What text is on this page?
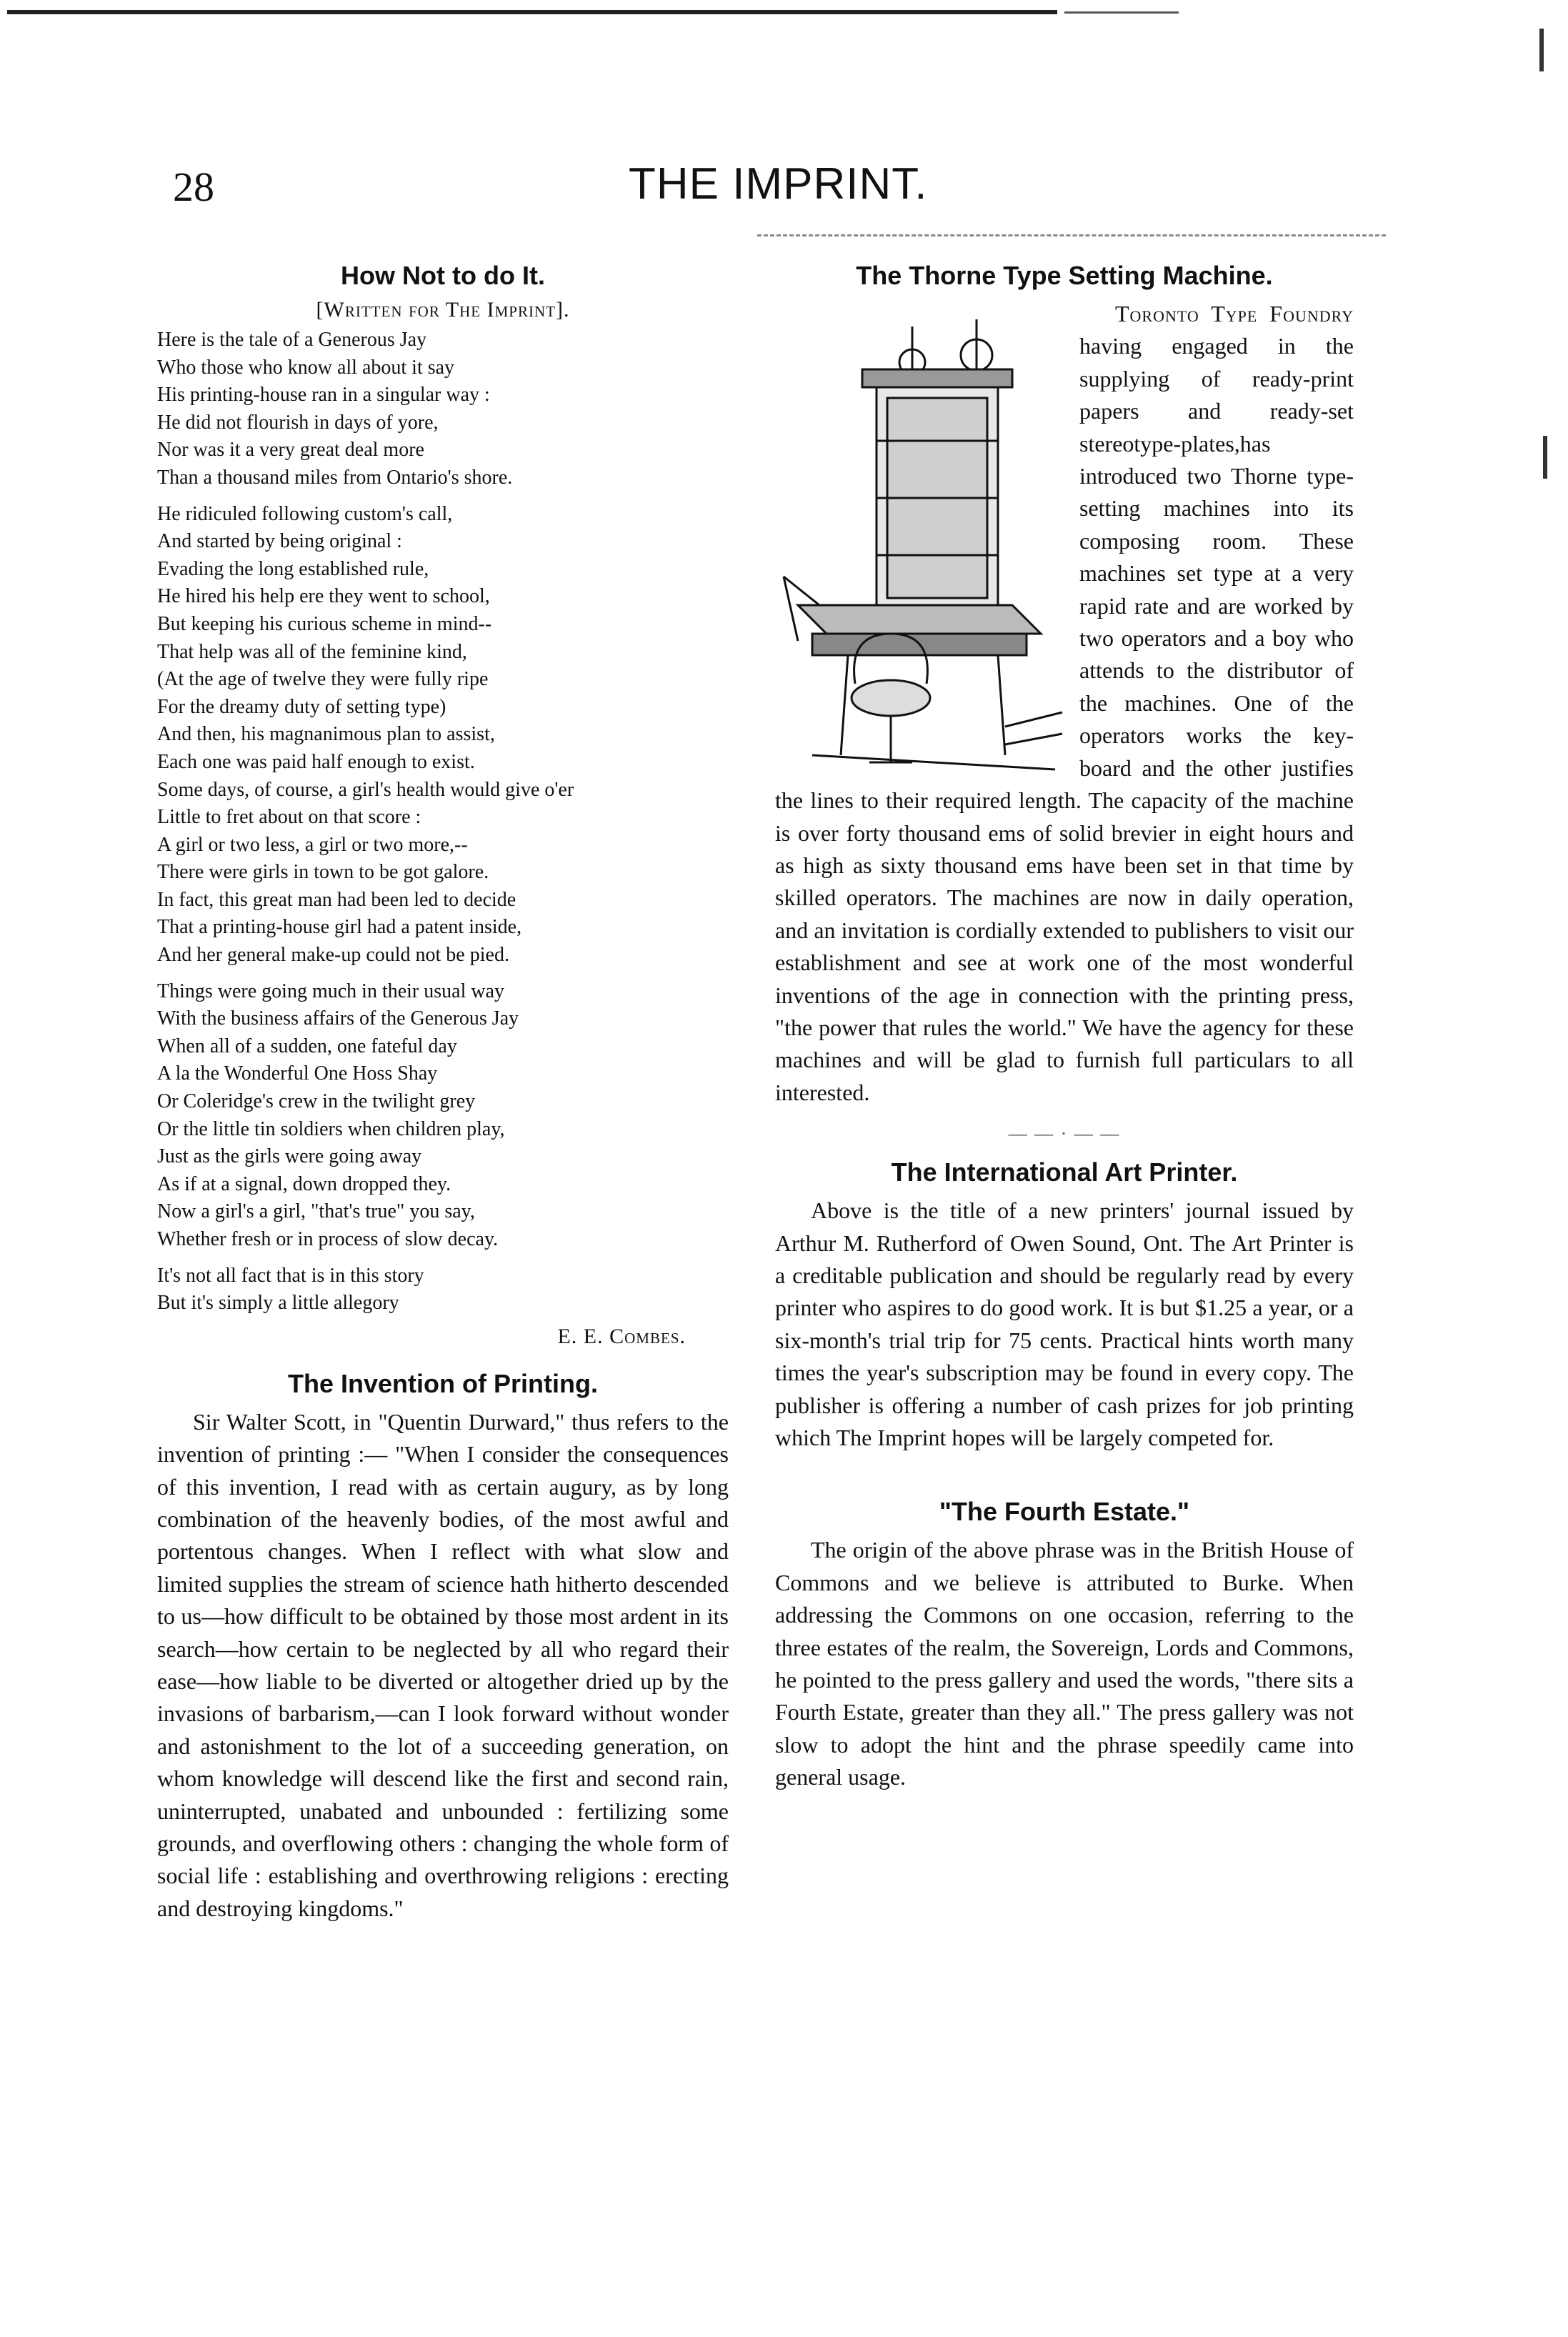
28	THE IMPRINT.
How Not to do It.
[Written for The Imprint].
Here is the tale of a Generous Jay
Who those who know all about it say
His printing-house ran in a singular way :
He did not flourish in days of yore,
Nor was it a very great deal more
Than a thousand miles from Ontario's shore.
He ridiculed following custom's call,
And started by being original :
Evading the long established rule,
He hired his help ere they went to school,
But keeping his curious scheme in mind--
That help was all of the feminine kind,
(At the age of twelve they were fully ripe
For the dreamy duty of setting type)
And then, his magnanimous plan to assist,
Each one was paid half enough to exist.
Some days, of course, a girl's health would give o'er
Little to fret about on that score :
A girl or two less, a girl or two more,--
There were girls in town to be got galore.
In fact, this great man had been led to decide
That a printing-house girl had a patent inside,
And her general make-up could not be pied.
Things were going much in their usual way
With the business affairs of the Generous Jay
When all of a sudden, one fateful day
A la the Wonderful One Hoss Shay
Or Coleridge's crew in the twilight grey
Or the little tin soldiers when children play,
Just as the girls were going away
As if at a signal, down dropped they.
Now a girl's a girl, "that's true" you say,
Whether fresh or in process of slow decay.
It's not all fact that is in this story
But it's simply a little allegory
E. E. Combes.
The Invention of Printing.

Sir Walter Scott, in "Quentin Durward," thus refers to the invention of printing :— "When I consider the consequences of this invention, I read with as certain augury, as by long combination of the heavenly bodies, of the most awful and portentous changes. When I reflect with what slow and limited supplies the stream of science hath hitherto descended to us—how difficult to be obtained by those most ardent in its search—how certain to be neglected by all who regard their ease—how liable to be diverted or altogether dried up by the invasions of barbarism,—can I look forward without wonder and astonishment to the lot of a succeeding generation, on whom knowledge will descend like the first and second rain, uninterrupted, unabated and unbounded : fertilizing some grounds, and overflowing others : changing the whole form of social life : establishing and overthrowing religions : erecting and destroying kingdoms."

The Thorne Type Setting Machine.

Toronto Type Foundry
having engaged in the supplying of ready-print papers and ready-set stereotype-plates,has introduced two Thorne type-setting machines into its composing room. These machines set type at a very rapid rate and are worked by two operators and a boy who attends to the distributor of the machines. One of the operators works the key-board and the other justifies the lines to their required length. The capacity of the machine is over forty thousand ems of solid brevier in eight hours and as high as sixty thousand ems have been set in that time by skilled operators. The machines are now in daily operation, and an invitation is cordially extended to publishers to visit our establishment and see at work one of the most wonderful inventions of the age in connection with the printing press, "the power that rules the world." We have the agency for these machines and will be glad to furnish full particulars to all interested.

— — · — —
The International Art Printer.

Above is the title of a new printers' journal issued by Arthur M. Rutherford of Owen Sound, Ont. The Art Printer is a creditable publication and should be regularly read by every printer who aspires to do good work. It is but $1.25 a year, or a six-month's trial trip for 75 cents. Practical hints worth many times the year's subscription may be found in every copy. The publisher is offering a number of cash prizes for job printing which The Imprint hopes will be largely competed for.

"The Fourth Estate."

The origin of the above phrase was in the British House of Commons and we believe is attributed to Burke. When addressing the Commons on one occasion, referring to the three estates of the realm, the Sovereign, Lords and Commons, he pointed to the press gallery and used the words, "there sits a Fourth Estate, greater than they all." The press gallery was not slow to adopt the hint and the phrase speedily came into general usage.
